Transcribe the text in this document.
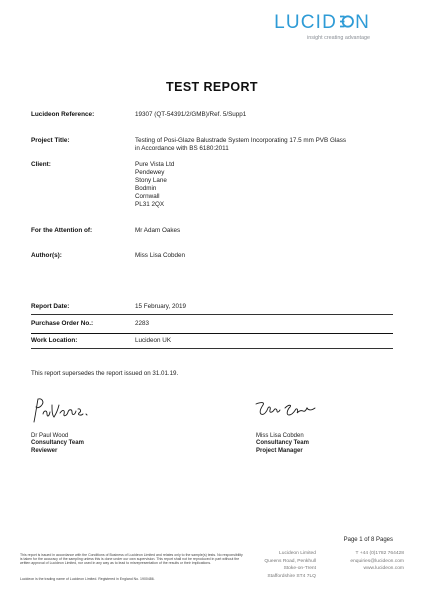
LUCID N
insight creating advantage
TEST REPORT
Lucideon Reference:	19307 (QT-54391/2/GMB)/Ref. 5/Supp1
Project Title:	Testing of Posi-Glaze Balustrade System Incorporating 17.5 mm PVB Glass
in Accordance with BS 6180:2011
Client:	Pure Vista Ltd
Pendewey
Stony Lane
Bodmin
Cornwall
PL31 2QX
For the Attention of:	Mr Adam Oakes
Author(s):	Miss Lisa Cobden
Report Date:	15 February, 2019
Purchase Order No.:	2283
Work Location:	Lucideon UK
This report supersedes the report issued on 31.01.19.
Dr Paul Wood
Consultancy Team
Reviewer
Miss Lisa Cobden
Consultancy Team
Project Manager
Page 1 of 8 Pages
This report is issued in accordance with the Conditions of Business of Lucideon Limited and relates only to the sample(s) tests. No responsibility is taken for the accuracy of the sampling unless this is done under our own supervision. This report shall not be reproduced in part without the written approval of Lucideon Limited, nor used in any way as to lead to misrepresentation of the results or their implications.
Lucideon is the trading name of Lucideon Limited. Registered in England No. 1900486.
Lucideon Limited
Queens Road, Penkhull
Stoke-on-Trent
Staffordshire ST4 7LQ
T +44 (0)1782 764428
enquiries@lucideon.com
www.lucideon.com
